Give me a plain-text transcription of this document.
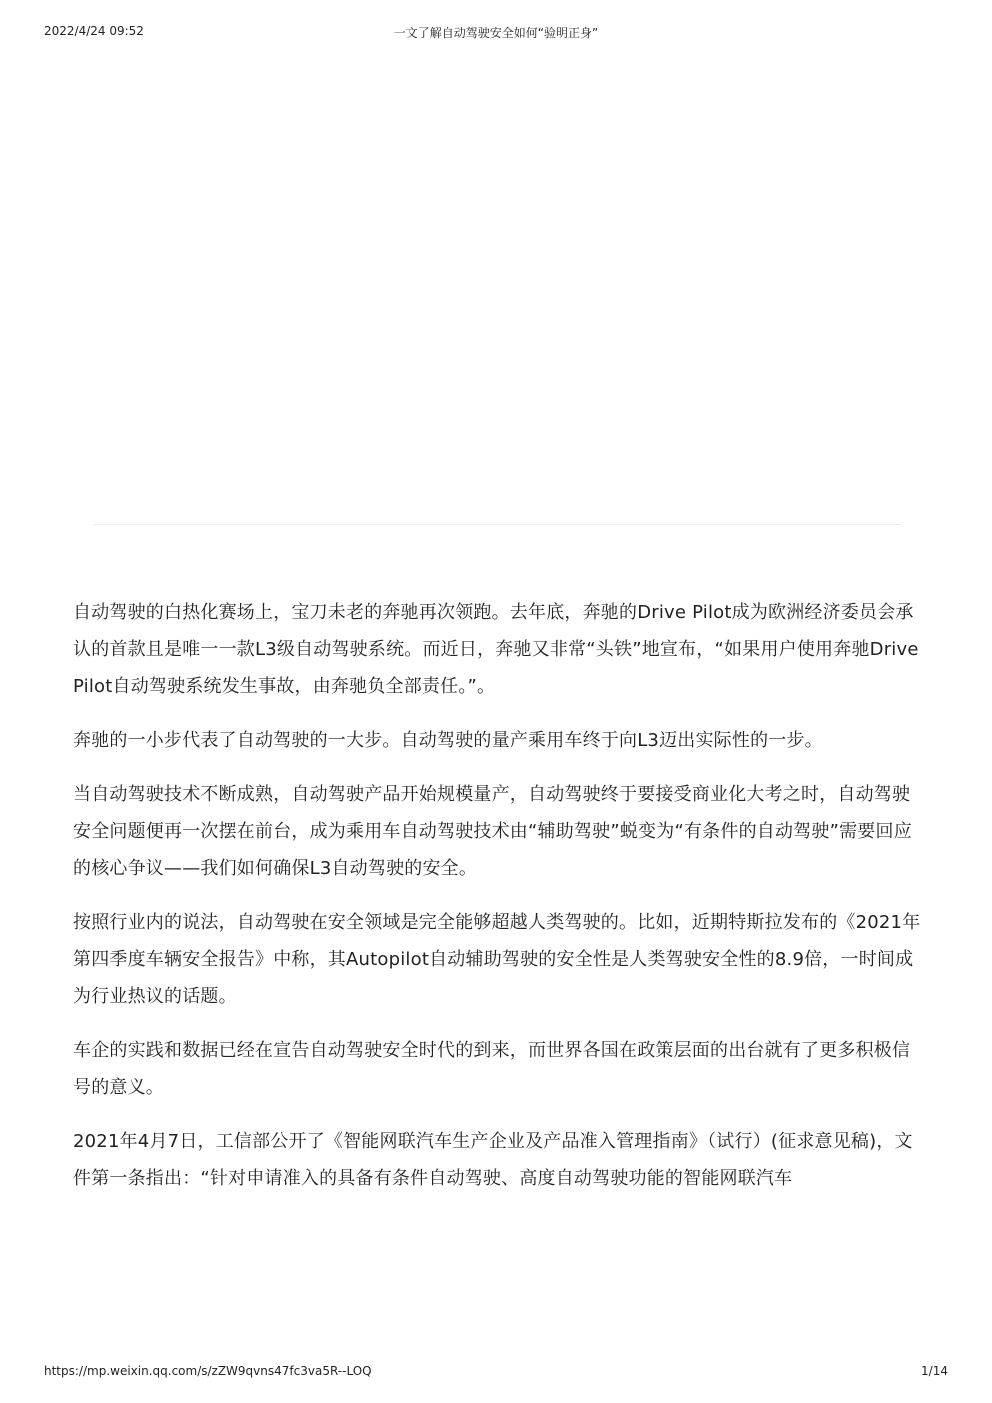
2022/4/24 09:52	一文了解自动驾驶安全如何“验明正身”

自动驾驶的白热化赛场上，宝刀未老的奔驰再次领跑。去年底，奔驰的Drive Pilot成为欧洲经济委员会承认的首款且是唯一一款L3级自动驾驶系统。而近日，奔驰又非常“头铁”地宣布，“如果用户使用奔驰Drive Pilot自动驾驶系统发生事故，由奔驰负全部责任。”。

奔驰的一小步代表了自动驾驶的一大步。自动驾驶的量产乘用车终于向L3迈出实际性的一步。

当自动驾驶技术不断成熟，自动驾驶产品开始规模量产，自动驾驶终于要接受商业化大考之时，自动驾驶安全问题便再一次摆在前台，成为乘用车自动驾驶技术由“辅助驾驶”蜕变为“有条件的自动驾驶”需要回应的核心争议——我们如何确保L3自动驾驶的安全。

按照行业内的说法，自动驾驶在安全领域是完全能够超越人类驾驶的。比如，近期特斯拉发布的《2021年第四季度车辆安全报告》中称，其Autopilot自动辅助驾驶的安全性是人类驾驶安全性的8.9倍，一时间成为行业热议的话题。

车企的实践和数据已经在宣告自动驾驶安全时代的到来，而世界各国在政策层面的出台就有了更多积极信号的意义。

2021年4月7日，工信部公开了《智能网联汽车生产企业及产品准入管理指南》（试行）(征求意见稿)，文件第一条指出：“针对申请准入的具备有条件自动驾驶、高度自动驾驶功能的智能网联汽车

https://mp.weixin.qq.com/s/zZW9qvns47fc3va5R--LOQ	1/14
